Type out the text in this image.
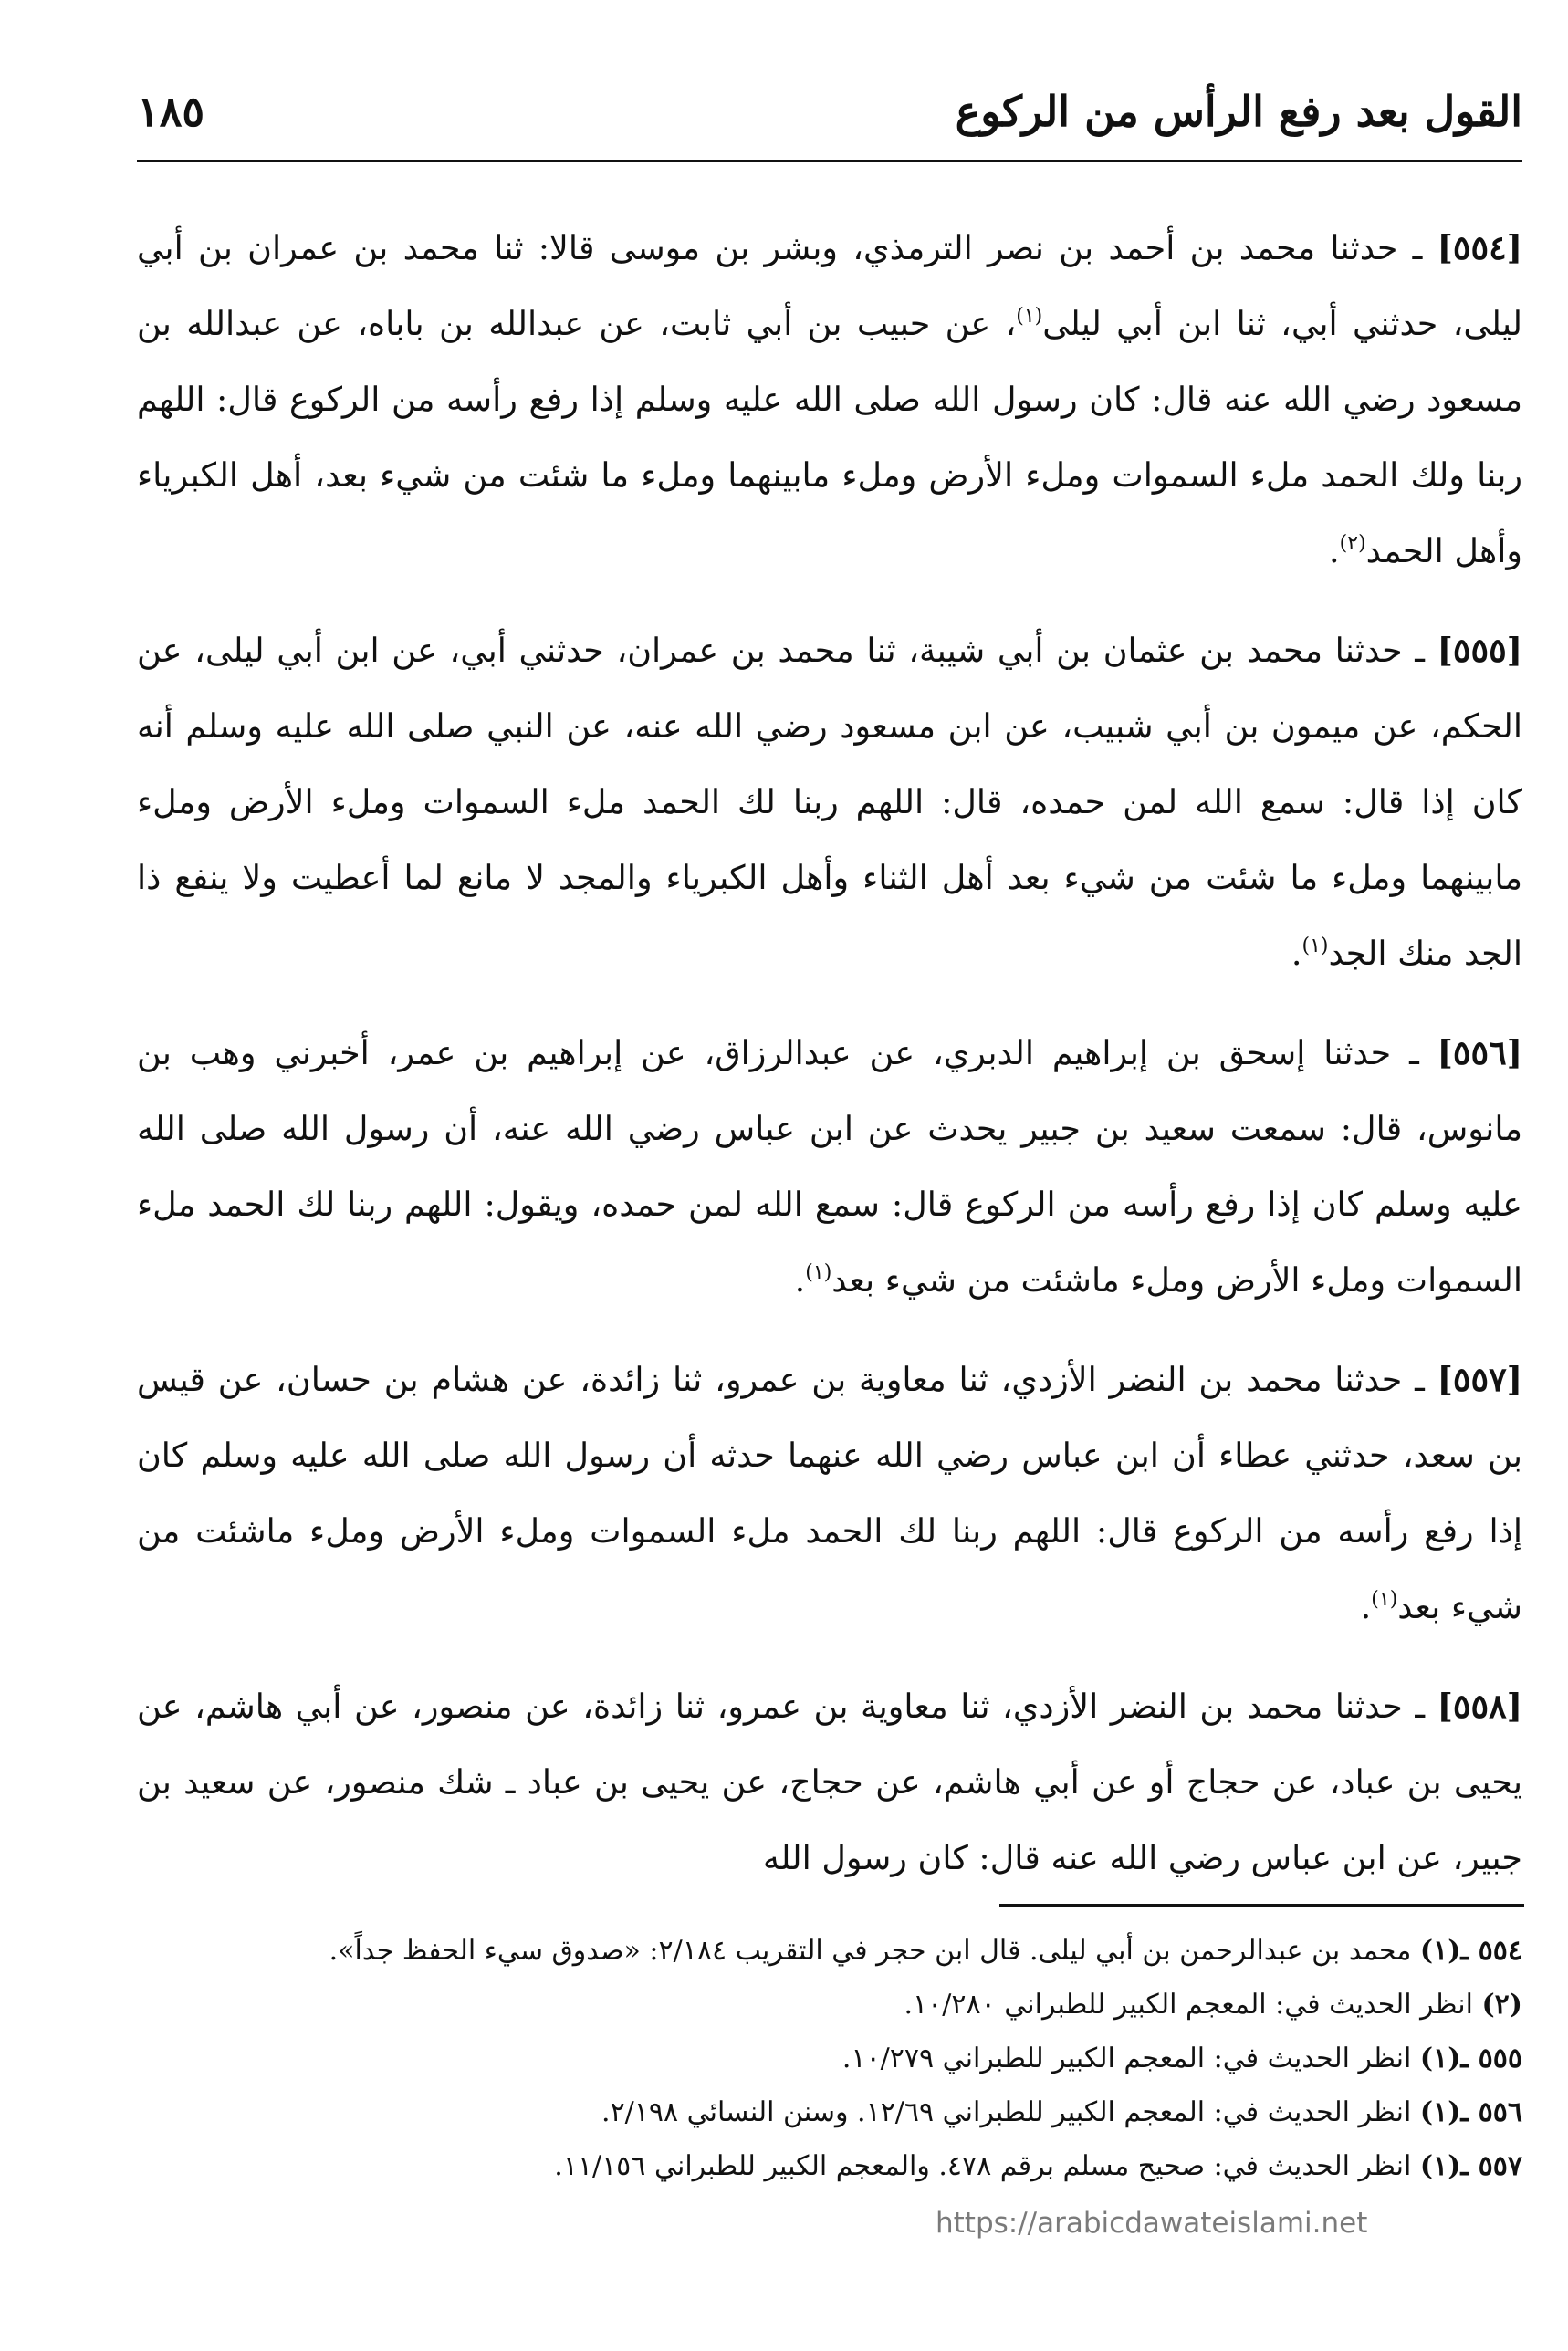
القول بعد رفع الرأس من الركوع
١٨٥

[٥٥٤] ـ حدثنا محمد بن أحمد بن نصر الترمذي، وبشر بن موسى قالا: ثنا محمد بن عمران بن أبي ليلى، حدثني أبي، ثنا ابن أبي ليلى$^{(١)}$، عن حبيب بن أبي ثابت، عن عبدالله بن باباه، عن عبدالله بن مسعود رضي الله عنه قال: كان رسول الله صلى الله عليه وسلم إذا رفع رأسه من الركوع قال: اللهم ربنا ولك الحمد ملء السموات وملء الأرض وملء مابينهما وملء ما شئت من شيء بعد، أهل الكبرياء وأهل الحمد$^{(٢)}$.

[٥٥٥] ـ حدثنا محمد بن عثمان بن أبي شيبة، ثنا محمد بن عمران، حدثني أبي، عن ابن أبي ليلى، عن الحكم، عن ميمون بن أبي شبيب، عن ابن مسعود رضي الله عنه، عن النبي صلى الله عليه وسلم أنه كان إذا قال: سمع الله لمن حمده، قال: اللهم ربنا لك الحمد ملء السموات وملء الأرض وملء مابينهما وملء ما شئت من شيء بعد أهل الثناء وأهل الكبرياء والمجد لا مانع لما أعطيت ولا ينفع ذا الجد منك الجد$^{(١)}$.

[٥٥٦] ـ حدثنا إسحق بن إبراهيم الدبري، عن عبدالرزاق، عن إبراهيم بن عمر، أخبرني وهب بن مانوس، قال: سمعت سعيد بن جبير يحدث عن ابن عباس رضي الله عنه، أن رسول الله صلى الله عليه وسلم كان إذا رفع رأسه من الركوع قال: سمع الله لمن حمده، ويقول: اللهم ربنا لك الحمد ملء السموات وملء الأرض وملء ماشئت من شيء بعد$^{(١)}$.

[٥٥٧] ـ حدثنا محمد بن النضر الأزدي، ثنا معاوية بن عمرو، ثنا زائدة، عن هشام بن حسان، عن قيس بن سعد، حدثني عطاء أن ابن عباس رضي الله عنهما حدثه أن رسول الله صلى الله عليه وسلم كان إذا رفع رأسه من الركوع قال: اللهم ربنا لك الحمد ملء السموات وملء الأرض وملء ماشئت من شيء بعد$^{(١)}$.

[٥٥٨] ـ حدثنا محمد بن النضر الأزدي، ثنا معاوية بن عمرو، ثنا زائدة، عن منصور، عن أبي هاشم، عن يحيى بن عباد، عن حجاج أو عن أبي هاشم، عن حجاج، عن يحيى بن عباد ـ شك منصور، عن سعيد بن جبير، عن ابن عباس رضي الله عنه قال: كان رسول الله

٥٥٤ ـ(١) محمد بن عبدالرحمن بن أبي ليلى. قال ابن حجر في التقريب ٢/١٨٤: «صدوق سيء الحفظ جداً».
(٢) انظر الحديث في: المعجم الكبير للطبراني ١٠/٢٨٠.
٥٥٥ ـ(١) انظر الحديث في: المعجم الكبير للطبراني ١٠/٢٧٩.
٥٥٦ ـ(١) انظر الحديث في: المعجم الكبير للطبراني ١٢/٦٩. وسنن النسائي ٢/١٩٨.
٥٥٧ ـ(١) انظر الحديث في: صحيح مسلم برقم ٤٧٨. والمعجم الكبير للطبراني ١١/١٥٦.
https://arabicdawateislami.net
